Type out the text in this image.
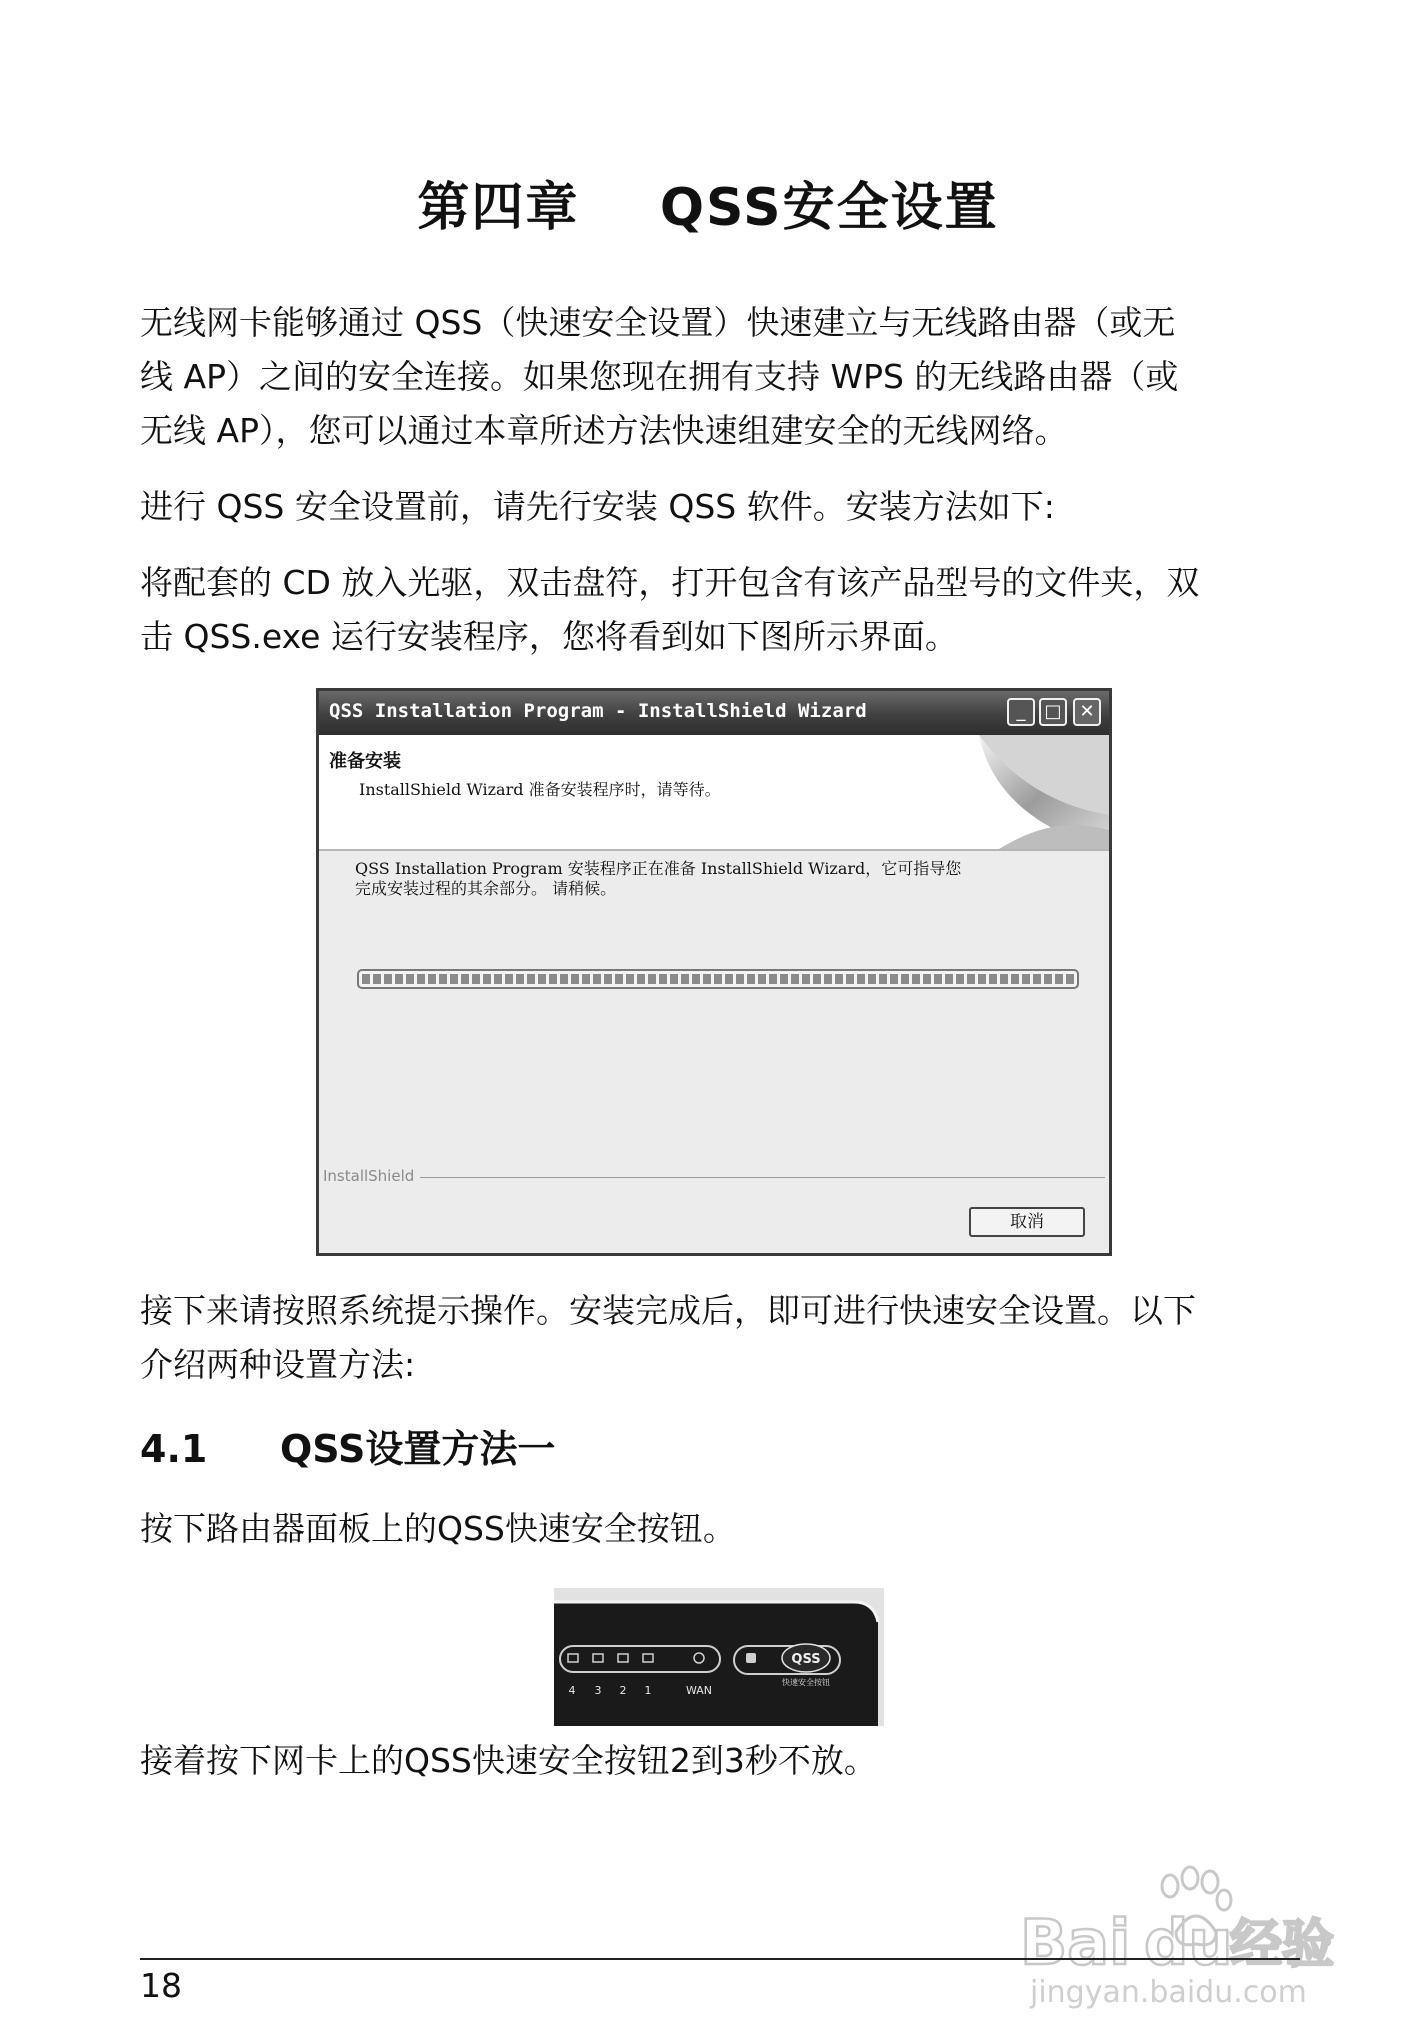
第四章    QSS安全设置

无线网卡能够通过 QSS（快速安全设置）快速建立与无线路由器（或无
线 AP）之间的安全连接。如果您现在拥有支持 WPS 的无线路由器（或
无线 AP），您可以通过本章所述方法快速组建安全的无线网络。

进行 QSS 安全设置前，请先行安装 QSS 软件。安装方法如下:

将配套的 CD 放入光驱，双击盘符，打开包含有该产品型号的文件夹，双
击 QSS.exe 运行安装程序，您将看到如下图所示界面。

QSS Installation Program - InstallShield Wizard	_	□ ✕
准备安装
InstallShield Wizard 准备安装程序时，请等待。
QSS Installation Program 安装程序正在准备 InstallShield Wizard，它可指导您
完成安装过程的其余部分。 请稍候。
InstallShield
取消

接下来请按照系统提示操作。安装完成后，即可进行快速安全设置。以下
介绍两种设置方法:

4.1 QSS设置方法一

按下路由器面板上的QSS快速安全按钮。

4 3 2 1	WAN
QSS
快速安全按钮

接着按下网卡上的QSS快速安全按钮2到3秒不放。

Bai du
经验
jingyan.baidu.com
18
